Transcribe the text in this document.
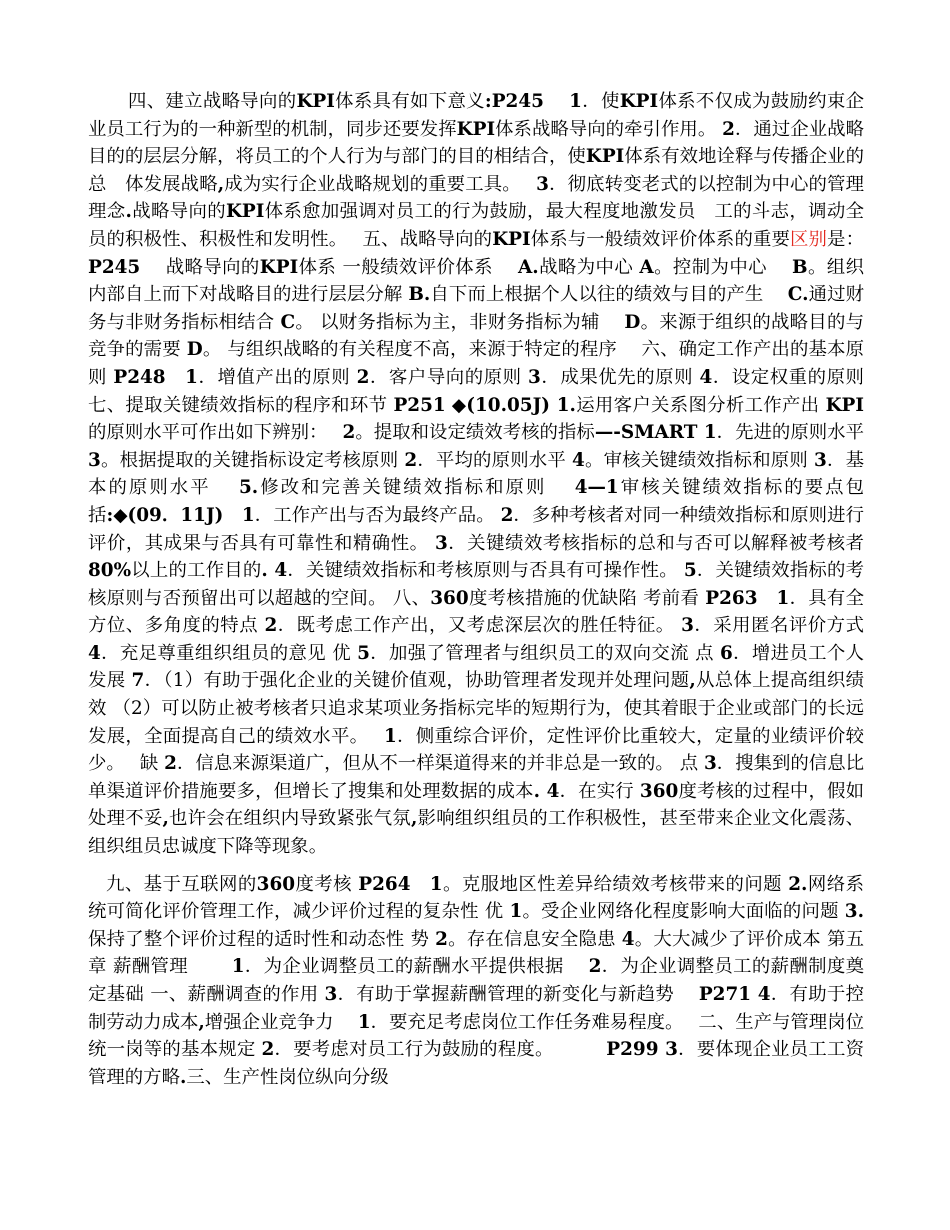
四、建立战略导向的KPI体系具有如下意义:P245　 1．使KPI体系不仅成为鼓励约束企业员工行为的一种新型的机制，同步还要发挥KPI体系战略导向的牵引作用。 2．通过企业战略目的的层层分解，将员工的个人行为与部门的目的相结合，使KPI体系有效地诠释与传播企业的总　体发展战略,成为实行企业战略规划的重要工具。　 3．彻底转变老式的以控制为中心的管理理念.战略导向的KPI体系愈加强调对员工的行为鼓励，最大程度地激发员　工的斗志，调动全员的积极性、积极性和发明性。　 五、战略导向的KPI体系与一般绩效评价体系的重要区别是：P245　 战略导向的KPI体系 一般绩效评价体系　 A.战略为中心 A。控制为中心　 B。组织内部自上而下对战略目的进行层层分解 B.自下而上根据个人以往的绩效与目的产生　 C.通过财务与非财务指标相结合 C。 以财务指标为主，非财务指标为辅　 D。来源于组织的战略目的与竞争的需要 D。 与组织战略的有关程度不高，来源于特定的程序　 六、确定工作产出的基本原则 P248　 1．增值产出的原则 2．客户导向的原则 3．成果优先的原则 4．设定权重的原则 七、提取关键绩效指标的程序和环节 P251 ◆(10.05J) 1.运用客户关系图分析工作产出 KPI的原则水平可作出如下辨别：　 2。提取和设定绩效考核的指标—-SMART 1．先进的原则水平 3。根据提取的关键指标设定考核原则 2．平均的原则水平 4。审核关键绩效指标和原则 3．基本的原则水平　 5.修改和完善关键绩效指标和原则　 4—1审核关键绩效指标的要点包括:◆(09．11J)　 1．工作产出与否为最终产品。 2．多种考核者对同一种绩效指标和原则进行评价，其成果与否具有可靠性和精确性。 3．关键绩效考核指标的总和与否可以解释被考核者80%以上的工作目的. 4．关键绩效指标和考核原则与否具有可操作性。 5．关键绩效指标的考核原则与否预留出可以超越的空间。 八、360度考核措施的优缺陷 考前看 P263　 1．具有全方位、多角度的特点 2．既考虑工作产出，又考虑深层次的胜任特征。 3．采用匿名评价方式 4．充足尊重组织组员的意见 优 5．加强了管理者与组织员工的双向交流 点 6．增进员工个人发展 7．（1）有助于强化企业的关键价值观，协助管理者发现并处理问题,从总体上提高组织绩效 （2）可以防止被考核者只追求某项业务指标完毕的短期行为，使其着眼于企业或部门的长远发展，全面提高自己的绩效水平。　 1．侧重综合评价，定性评价比重较大，定量的业绩评价较少。　 缺 2．信息来源渠道广，但从不一样渠道得来的并非总是一致的。 点 3．搜集到的信息比单渠道评价措施要多，但增长了搜集和处理数据的成本. 4．在实行 360度考核的过程中，假如处理不妥,也许会在组织内导致紧张气氛,影响组织组员的工作积极性，甚至带来企业文化震荡、组织组员忠诚度下降等现象。

九、基于互联网的360度考核 P264　 1。克服地区性差异给绩效考核带来的问题 2.网络系统可简化评价管理工作，减少评价过程的复杂性 优 1。受企业网络化程度影响大面临的问题 3.保持了整个评价过程的适时性和动态性 势 2。存在信息安全隐患 4。大大减少了评价成本 第五章 薪酬管理　　 1．为企业调整员工的薪酬水平提供根据　 2．为企业调整员工的薪酬制度奠定基础 一、薪酬调查的作用 3．有助于掌握薪酬管理的新变化与新趋势　 P271 4．有助于控制劳动力成本,增强企业竞争力　 1．要充足考虑岗位工作任务难易程度。　 二、生产与管理岗位统一岗等的基本规定 2．要考虑对员工行为鼓励的程度。　　　 P299 3．要体现企业员工工资管理的方略.三、生产性岗位纵向分级
